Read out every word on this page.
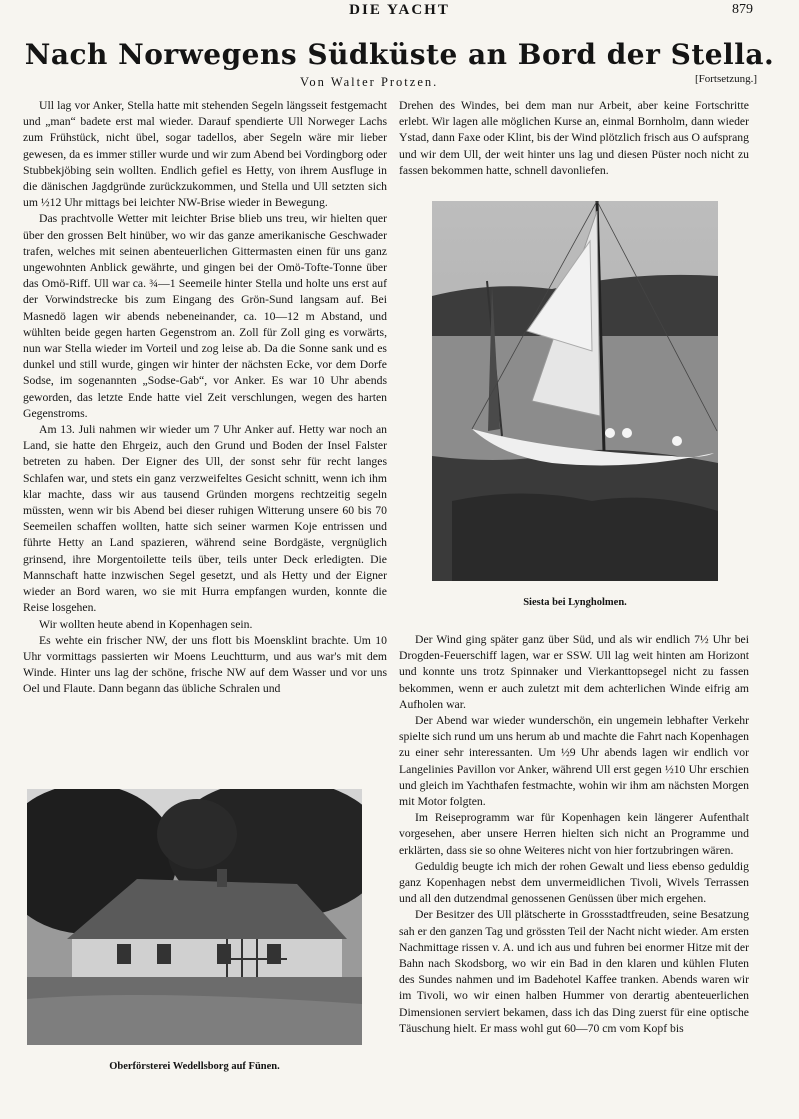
DIE YACHT	879
Nach Norwegens Südküste an Bord der Stella.
Von Walter Protzen.	[Fortsetzung.]

Ull lag vor Anker, Stella hatte mit stehenden Segeln längsseit festgemacht und „man“ badete erst mal wieder. Darauf spendierte Ull Norweger Lachs zum Frühstück, nicht übel, sogar tadellos, aber Segeln wäre mir lieber gewesen, da es immer stiller wurde und wir zum Abend bei Vordingborg oder Stubbekjöbing sein wollten. Endlich gefiel es Hetty, von ihrem Ausfluge in die dänischen Jagdgründe zurückzukommen, und Stella und Ull setzten sich um ½12 Uhr mittags bei leichter NW-Brise wieder in Bewegung.

Das prachtvolle Wetter mit leichter Brise blieb uns treu, wir hielten quer über den grossen Belt hinüber, wo wir das ganze amerikanische Geschwader trafen, welches mit seinen abenteuerlichen Gittermasten einen für uns ganz ungewohnten Anblick gewährte, und gingen bei der Omö-Tofte-Tonne über das Omö-Riff. Ull war ca. ¾—1 Seemeile hinter Stella und holte uns erst auf der Vorwindstrecke bis zum Eingang des Grön-Sund langsam auf. Bei Masnedö lagen wir abends nebeneinander, ca. 10—12 m Abstand, und wühlten beide gegen harten Gegenstrom an. Zoll für Zoll ging es vorwärts, nun war Stella wieder im Vorteil und zog leise ab. Da die Sonne sank und es dunkel und still wurde, gingen wir hinter der nächsten Ecke, vor dem Dorfe Sodse, im sogenannten „Sodse-Gab“, vor Anker. Es war 10 Uhr abends geworden, das letzte Ende hatte viel Zeit verschlungen, wegen des harten Gegenstroms.

Am 13. Juli nahmen wir wieder um 7 Uhr Anker auf. Hetty war noch an Land, sie hatte den Ehrgeiz, auch den Grund und Boden der Insel Falster betreten zu haben. Der Eigner des Ull, der sonst sehr für recht langes Schlafen war, und stets ein ganz verzweifeltes Gesicht schnitt, wenn ich ihm klar machte, dass wir aus tausend Gründen morgens rechtzeitig segeln müssten, wenn wir bis Abend bei dieser ruhigen Witterung unsere 60 bis 70 Seemeilen schaffen wollten, hatte sich seiner warmen Koje entrissen und führte Hetty an Land spazieren, während seine Bordgäste, vergnüglich grinsend, ihre Morgentoilette teils über, teils unter Deck erledigten. Die Mannschaft hatte inzwischen Segel gesetzt, und als Hetty und der Eigner wieder an Bord waren, wo sie mit Hurra empfangen wurden, konnte die Reise losgehen.

Wir wollten heute abend in Kopenhagen sein.

Es wehte ein frischer NW, der uns flott bis Moensklint brachte. Um 10 Uhr vormittags passierten wir Moens Leuchtturm, und aus war's mit dem Winde. Hinter uns lag der schöne, frische NW auf dem Wasser und vor uns Oel und Flaute. Dann begann das übliche Schralen und

Drehen des Windes, bei dem man nur Arbeit, aber keine Fortschritte erlebt. Wir lagen alle möglichen Kurse an, einmal Bornholm, dann wieder Ystad, dann Faxe oder Klint, bis der Wind plötzlich frisch aus O aufsprang und wir dem Ull, der weit hinter uns lag und diesen Püster noch nicht zu fassen bekommen hatte, schnell davonliefen.

Siesta bei Lyngholmen.

Der Wind ging später ganz über Süd, und als wir endlich 7½ Uhr bei Drogden-Feuerschiff lagen, war er SSW. Ull lag weit hinten am Horizont und konnte uns trotz Spinnaker und Vierkanttopsegel nicht zu fassen bekommen, wenn er auch zuletzt mit dem achterlichen Winde eifrig am Aufholen war.

Der Abend war wieder wunderschön, ein ungemein lebhafter Verkehr spielte sich rund um uns herum ab und machte die Fahrt nach Kopenhagen zu einer sehr interessanten. Um ½9 Uhr abends lagen wir endlich vor Langelinies Pavillon vor Anker, während Ull erst gegen ½10 Uhr erschien und gleich im Yachthafen festmachte, wohin wir ihm am nächsten Morgen mit Motor folgten.

Im Reiseprogramm war für Kopenhagen kein längerer Aufenthalt vorgesehen, aber unsere Herren hielten sich nicht an Programme und erklärten, dass sie so ohne Weiteres nicht von hier fortzubringen wären.

Geduldig beugte ich mich der rohen Gewalt und liess ebenso geduldig ganz Kopenhagen nebst dem unvermeidlichen Tivoli, Wivels Terrassen und all den dutzendmal genossenen Genüssen über mich ergehen.

Der Besitzer des Ull plätscherte in Grossstadtfreuden, seine Besatzung sah er den ganzen Tag und grössten Teil der Nacht nicht wieder. Am ersten Nachmittage rissen v. A. und ich aus und fuhren bei enormer Hitze mit der Bahn nach Skodsborg, wo wir ein Bad in den klaren und kühlen Fluten des Sundes nahmen und im Badehotel Kaffee tranken. Abends waren wir im Tivoli, wo wir einen halben Hummer von derartig abenteuerlichen Dimensionen serviert bekamen, dass ich das Ding zuerst für eine optische Täuschung hielt. Er mass wohl gut 60—70 cm vom Kopf bis

Oberförsterei Wedellsborg auf Fünen.
